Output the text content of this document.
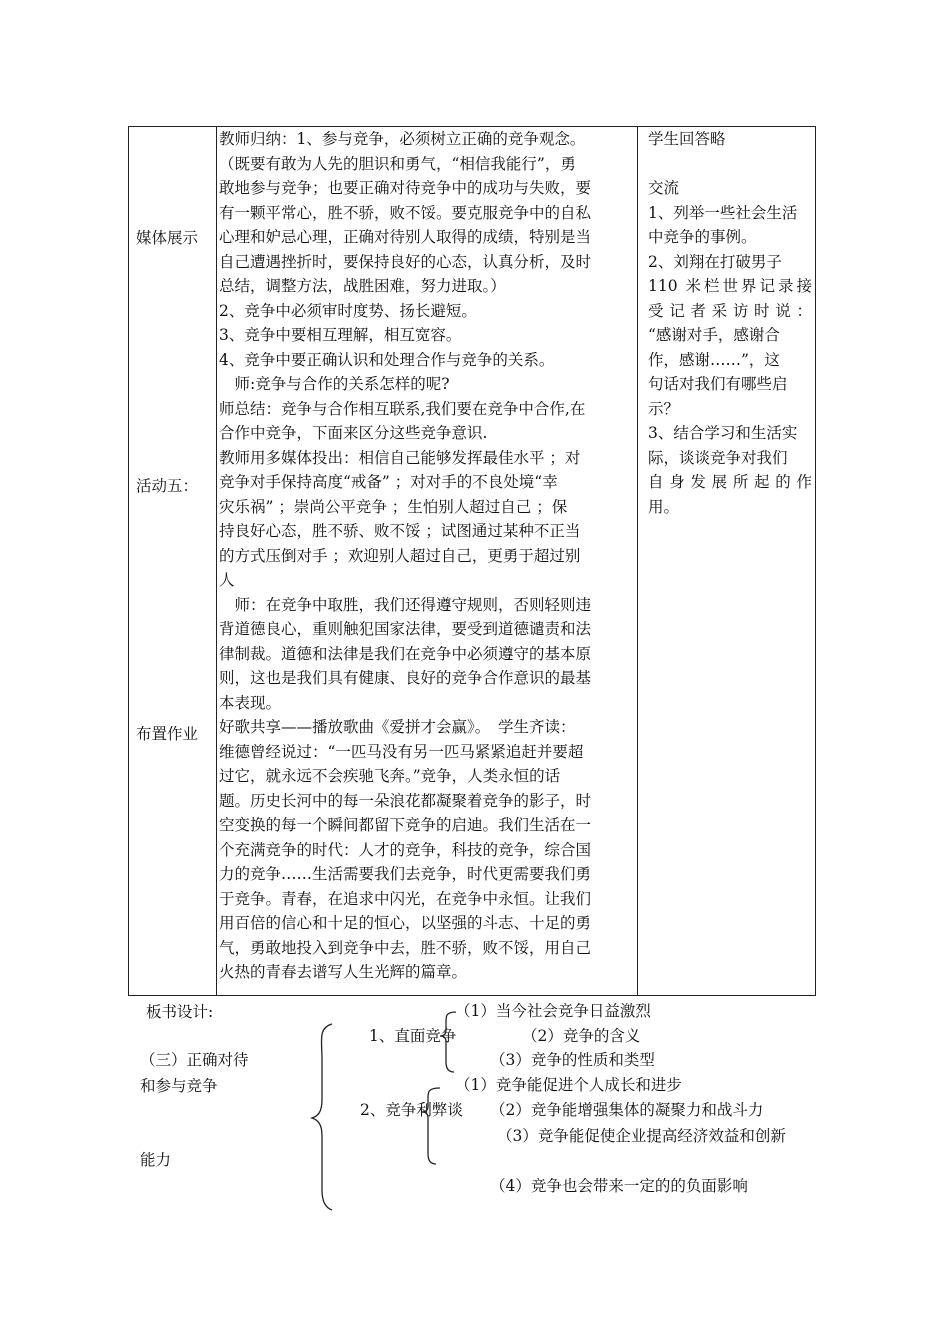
媒体展示
活动五：
布置作业
教师归纳：1、参与竞争，必须树立正确的竞争观念。
（既要有敢为人先的胆识和勇气，“相信我能行”，勇
敢地参与竞争；也要正确对待竞争中的成功与失败，要
有一颗平常心，胜不骄，败不馁。要克服竞争中的自私
心理和妒忌心理，正确对待别人取得的成绩，特别是当
自己遭遇挫折时，要保持良好的心态，认真分析，及时
总结，调整方法，战胜困难，努力进取。）
2、竞争中必须审时度势、扬长避短。
3、竞争中要相互理解，相互宽容。
4、竞争中要正确认识和处理合作与竞争的关系。
　师:竞争与合作的关系怎样的呢?
师总结：竞争与合作相互联系,我们要在竞争中合作,在
合作中竞争，下面来区分这些竞争意识.
教师用多媒体投出：相信自己能够发挥最佳水平 ；对
竞争对手保持高度“戒备” ；对对手的不良处境“幸
灾乐祸” ；崇尚公平竞争 ；生怕别人超过自己 ；保
持良好心态，胜不骄、败不馁 ；试图通过某种不正当
的方式压倒对手 ；欢迎别人超过自己，更勇于超过别
人
　师：在竞争中取胜，我们还得遵守规则，否则轻则违
背道德良心，重则触犯国家法律，要受到道德谴责和法
律制裁。道德和法律是我们在竞争中必须遵守的基本原
则，这也是我们具有健康、良好的竞争合作意识的最基
本表现。
好歌共享——播放歌曲《爱拼才会赢》。　学生齐读：
维德曾经说过：“一匹马没有另一匹马紧紧追赶并要超
过它，就永远不会疾驰飞奔。”竞争，人类永恒的话
题。历史长河中的每一朵浪花都凝聚着竞争的影子，时
空变换的每一个瞬间都留下竞争的启迪。我们生活在一
个充满竞争的时代：人才的竞争，科技的竞争，综合国
力的竞争……生活需要我们去竞争，时代更需要我们勇
于竞争。青春，在追求中闪光，在竞争中永恒。让我们
用百倍的信心和十足的恒心，以坚强的斗志、十足的勇
气，勇敢地投入到竞争中去，胜不骄，败不馁，用自己
火热的青春去谱写人生光辉的篇章。
学生回答略

交流
1、列举一些社会生活
中竞争的事例。
2、刘翔在打破男子
110 米栏世界记录接
受记者采访时说：
“感谢对手，感谢合
作，感谢……”，这
句话对我们有哪些启
示？
3、结合学习和生活实
际，谈谈竞争对我们
自身发展所起的作
用。
板书设计:
（三）正确对待
和参与竞争
能力
1、直面竞争
（1）当今社会竞争日益激烈
（2）竞争的含义
（3）竞争的性质和类型
2、竞争利弊谈
（1）竞争能促进个人成长和进步
（2）竞争能增强集体的凝聚力和战斗力
（3）竞争能促使企业提高经济效益和创新
（4）竞争也会带来一定的的负面影响
